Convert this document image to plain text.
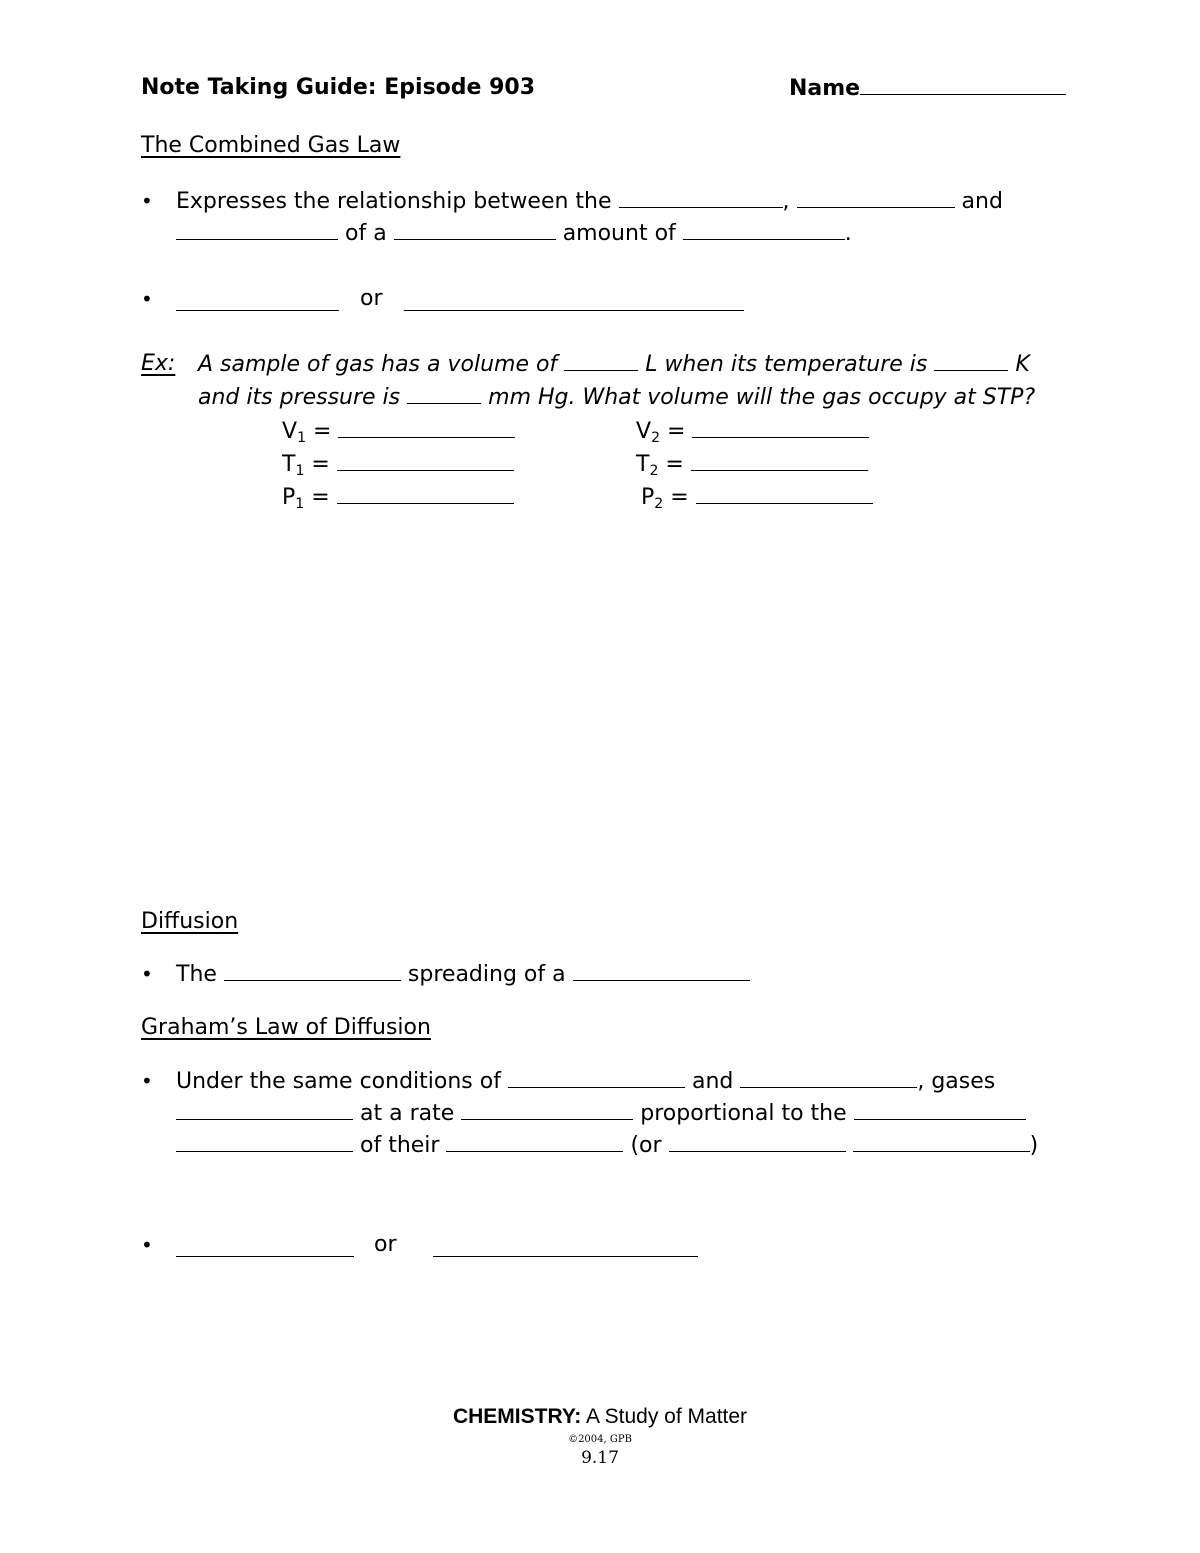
Note Taking Guide: Episode 903	Name
The Combined Gas Law
• Expresses the relationship between the	,	and
of a	amount of	.
•	or
Ex: A sample of gas has a volume of	L when its temperature is	K
and its pressure is	mm Hg. What volume will the gas occupy at STP?
$V_1$ =	$V_2$ =
$T_1$ =	$T_2$ =
$P_1$ =	$P_2$ =
Diffusion
• The	spreading of a
Graham’s Law of Diffusion
• Under the same conditions of	and	, gases
at a rate	proportional to the
of their	(or	)
•	or
CHEMISTRY: A Study of Matter
©2004, GPB
9.17
